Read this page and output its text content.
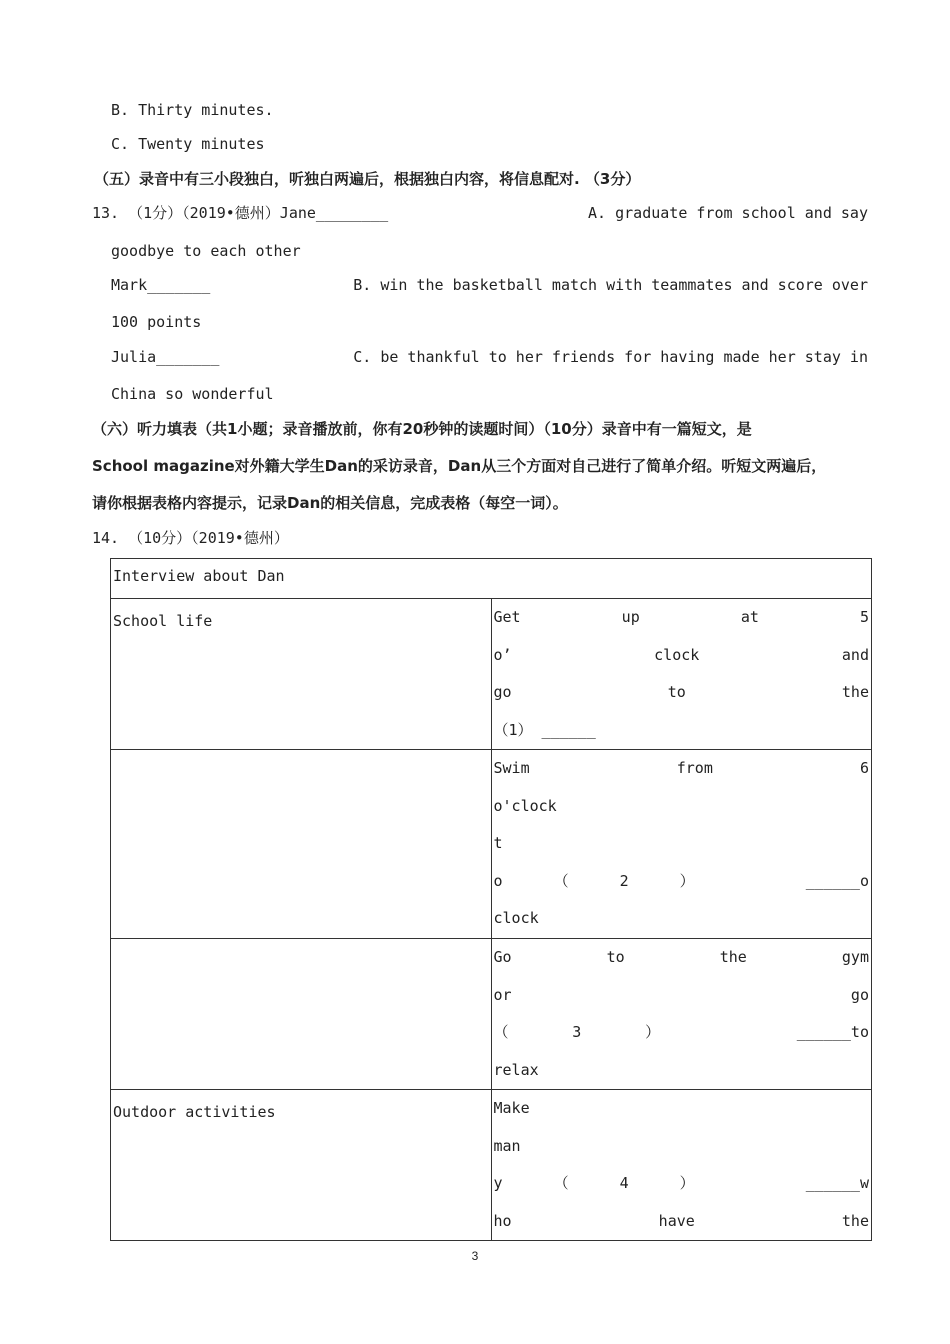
B. Thirty minutes.
C. Twenty minutes
（五）录音中有三小段独白，听独白两遍后，根据独白内容，将信息配对. （3分）
13. （1分）（2019•德州）Jane________	A. graduate from school and say
goodbye to each other
Mark_______	B. win the basketball match with teammates and score over
100 points
Julia_______	C. be thankful to her friends for having made her stay in
China so wonderful
（六）听力填表（共1小题；录音播放前，你有20秒钟的读题时间）（10分）录音中有一篇短文，是
School magazine对外籍大学生Dan的采访录音，Dan从三个方面对自己进行了简单介绍。听短文两遍后，
请你根据表格内容提示，记录Dan的相关信息，完成表格（每空一词）。
14. （10分）（2019•德州）
Interview about Dan	
School life	Get up at 5
o’ clock and
go to the
（1） ______

	Swim from 6
o'clock
t
o（2） ______o
clock

	Go to the gym
or go
（3） ______to
relax

Outdoor activities	Make
man
y（4） ______w
ho have the
3
